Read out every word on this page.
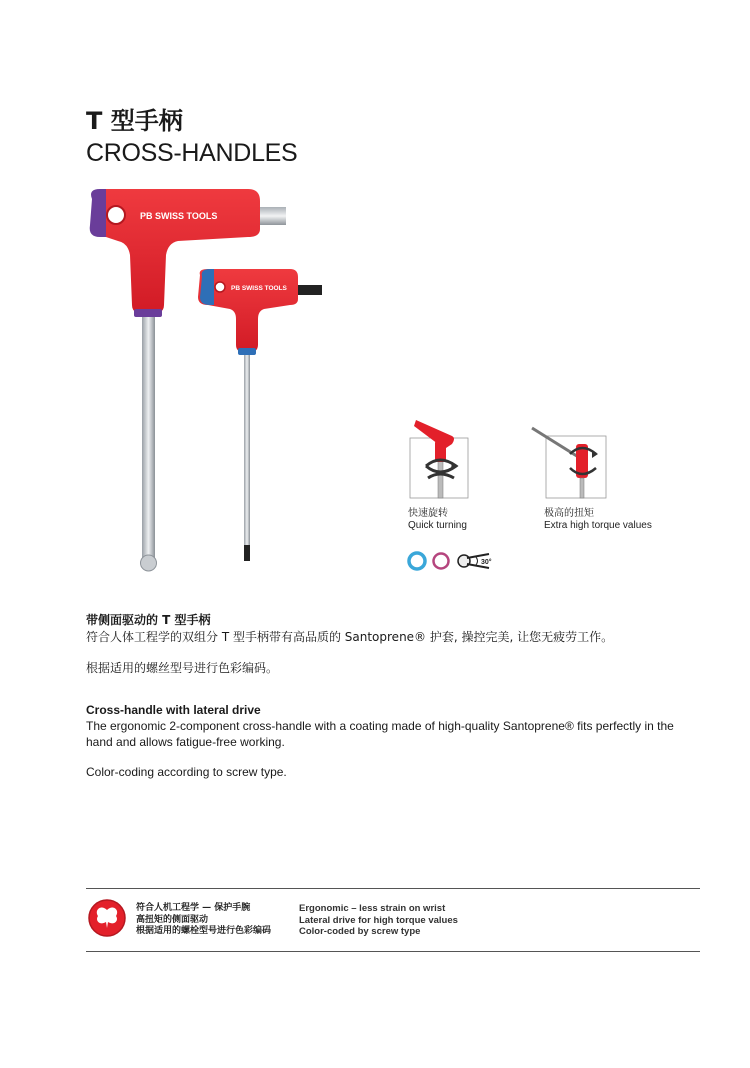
T 型手柄
CROSS-HANDLES
PB SWISS TOOLS
PB SWISS TOOLS
快速旋转
Quick turning
极高的扭矩
Extra high torque values
30°

带侧面驱动的 T 型手柄

符合人体工程学的双组分 T 型手柄带有高品质的 Santoprene® 护套, 操控完美, 让您无疲劳工作。

根据适用的螺丝型号进行色彩编码。

Cross-handle with lateral drive

The ergonomic 2-component cross-handle with a coating made of high-quality Santoprene® fits perfectly in the

hand and allows fatigue-free working.

Color-coding according to screw type.

符合人机工程学 — 保护手腕
高扭矩的侧面驱动
根据适用的螺栓型号进行色彩编码
Ergonomic – less strain on wrist
Lateral drive for high torque values
Color-coded by screw type
